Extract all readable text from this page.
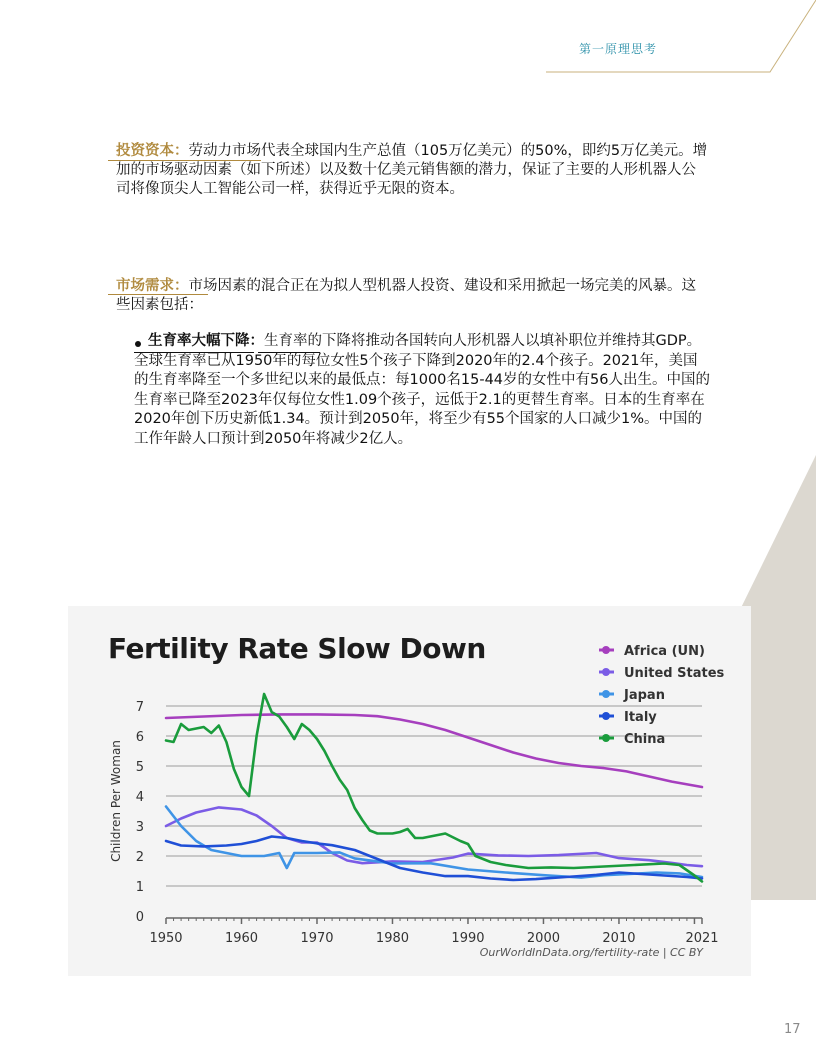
第一原理思考
投资资本：劳动力市场代表全球国内生产总值（105万亿美元）的50%，即约5万亿美元。增加的市场驱动因素（如下所述）以及数十亿美元销售额的潜力，保证了主要的人形机器人公司将像顶尖人工智能公司一样，获得近乎无限的资本。
市场需求：市场因素的混合正在为拟人型机器人投资、建设和采用掀起一场完美的风暴。这些因素包括：
生育率大幅下降：生育率的下降将推动各国转向人形机器人以填补职位并维持其GDP。全球生育率已从1950年的每位女性5个孩子下降到2020年的2.4个孩子。2021年，美国的生育率降至一个多世纪以来的最低点：每1000名15-44岁的女性中有56人出生。中国的生育率已降至2023年仅每位女性1.09个孩子，远低于2.1的更替生育率。日本的生育率在2020年创下历史新低1.34。预计到2050年，将至少有55个国家的人口减少1%。中国的工作年龄人口预计到2050年将减少2亿人。
Fertility Rate Slow Down
0
1
2
3
4
5
6
7
1950	1960	1970	1980	1990	2000	2010	2021
Children Per Woman
OurWorldInData.org/fertility-rate | CC BY
Africa (UN)
United States
Japan
Italy
China
17
